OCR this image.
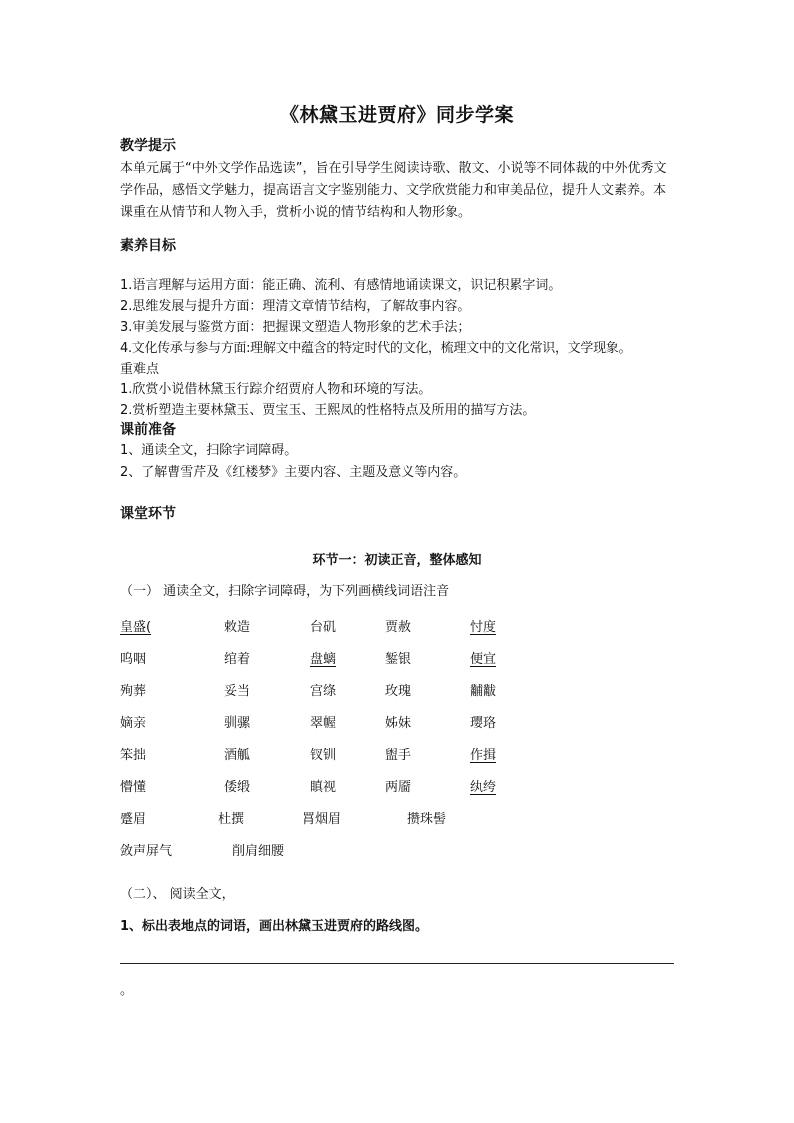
《林黛玉进贾府》同步学案
教学提示
本单元属于“中外文学作品选读”，旨在引导学生阅读诗歌、散文、小说等不同体裁的中外优秀文学作品，感悟文学魅力，提高语言文字鉴别能力、文学欣赏能力和审美品位，提升人文素养。本课重在从情节和人物入手，赏析小说的情节结构和人物形象。
素养目标
1.语言理解与运用方面：能正确、流利、有感情地诵读课文，识记积累字词。
2.思维发展与提升方面：理清文章情节结构，了解故事内容。
3.审美发展与鉴赏方面：把握课文塑造人物形象的艺术手法；
4.文化传承与参与方面:理解文中蕴含的特定时代的文化，梳理文中的文化常识，文学现象。
重难点
1.欣赏小说借林黛玉行踪介绍贾府人物和环境的写法。
2.赏析塑造主要林黛玉、贾宝玉、王熙凤的性格特点及所用的描写方法。
课前准备
1、通读全文，扫除字词障碍。
2、了解曹雪芹及《红楼梦》主要内容、主题及意义等内容。
课堂环节
环节一：初读正音，整体感知
（一） 通读全文，扫除字词障碍，为下列画横线词语注音
皇盛(	敕造	台矶	贾赦	忖度
呜咽	绾着	盘螭	錾银	便宜
殉葬	妥当	宫绦	玫瑰	黼黻
嫡亲	驯骡	翠幄	姊妹	璎珞
笨拙	酒觚	钗钏	盥手	作揖
懵懂	倭缎	瞋视	两靥	纨绔
蹙眉	杜撰	罥烟眉	攒珠髻
敛声屏气	削肩细腰
（二）、 阅读全文，
1、标出表地点的词语，画出林黛玉进贾府的路线图。
。
